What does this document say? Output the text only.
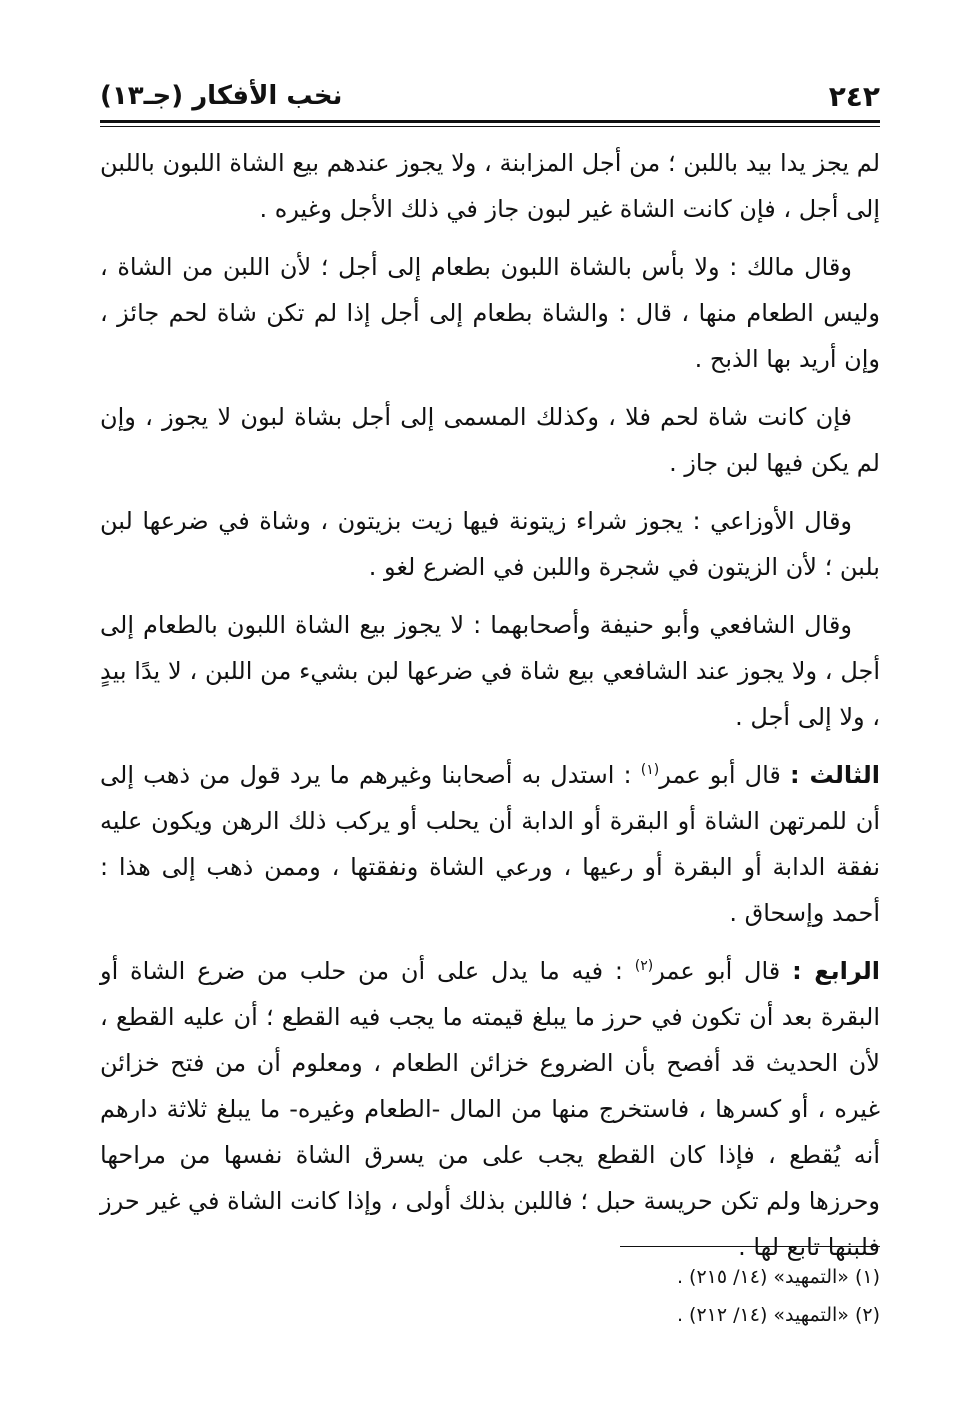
٢٤٢
نخب الأفكار (جـ١٣)

لم يجز يدا بيد باللبن ؛ من أجل المزابنة ، ولا يجوز عندهم بيع الشاة اللبون باللبن إلى أجل ، فإن كانت الشاة غير لبون جاز في ذلك الأجل وغيره .

وقال مالك : ولا بأس بالشاة اللبون بطعام إلى أجل ؛ لأن اللبن من الشاة ، وليس الطعام منها ، قال : والشاة بطعام إلى أجل إذا لم تكن شاة لحم جائز ، وإن أريد بها الذبح .

فإن كانت شاة لحم فلا ، وكذلك المسمى إلى أجل بشاة لبون لا يجوز ، وإن لم يكن فيها لبن جاز .

وقال الأوزاعي : يجوز شراء زيتونة فيها زيت بزيتون ، وشاة في ضرعها لبن بلبن ؛ لأن الزيتون في شجرة واللبن في الضرع لغو .

وقال الشافعي وأبو حنيفة وأصحابهما : لا يجوز بيع الشاة اللبون بالطعام إلى أجل ، ولا يجوز عند الشافعي بيع شاة في ضرعها لبن بشيء من اللبن ، لا يدًا بيدٍ ، ولا إلى أجل .

الثالث : قال أبو عمر$^{(١)}$ : استدل به أصحابنا وغيرهم ما يرد قول من ذهب إلى أن للمرتهن الشاة أو البقرة أو الدابة أن يحلب أو يركب ذلك الرهن ويكون عليه نفقة الدابة أو البقرة أو رعيها ، ورعي الشاة ونفقتها ، وممن ذهب إلى هذا : أحمد وإسحاق .

الرابع : قال أبو عمر$^{(٢)}$ : فيه ما يدل على أن من حلب من ضرع الشاة أو البقرة بعد أن تكون في حرز ما يبلغ قيمته ما يجب فيه القطع ؛ أن عليه القطع ، لأن الحديث قد أفصح بأن الضروع خزائن الطعام ، ومعلوم أن من فتح خزائن غيره ، أو كسرها ، فاستخرج منها من المال -الطعام وغيره- ما يبلغ ثلاثة دارهم أنه يُقطع ، فإذا كان القطع يجب على من يسرق الشاة نفسها من مراحها وحرزها ولم تكن حريسة حبل ؛ فاللبن بذلك أولى ، وإذا كانت الشاة في غير حرز فلبنها تابع لها .

(١) «التمهيد» (١٤/ ٢١٥) .
(٢) «التمهيد» (١٤/ ٢١٢) .
